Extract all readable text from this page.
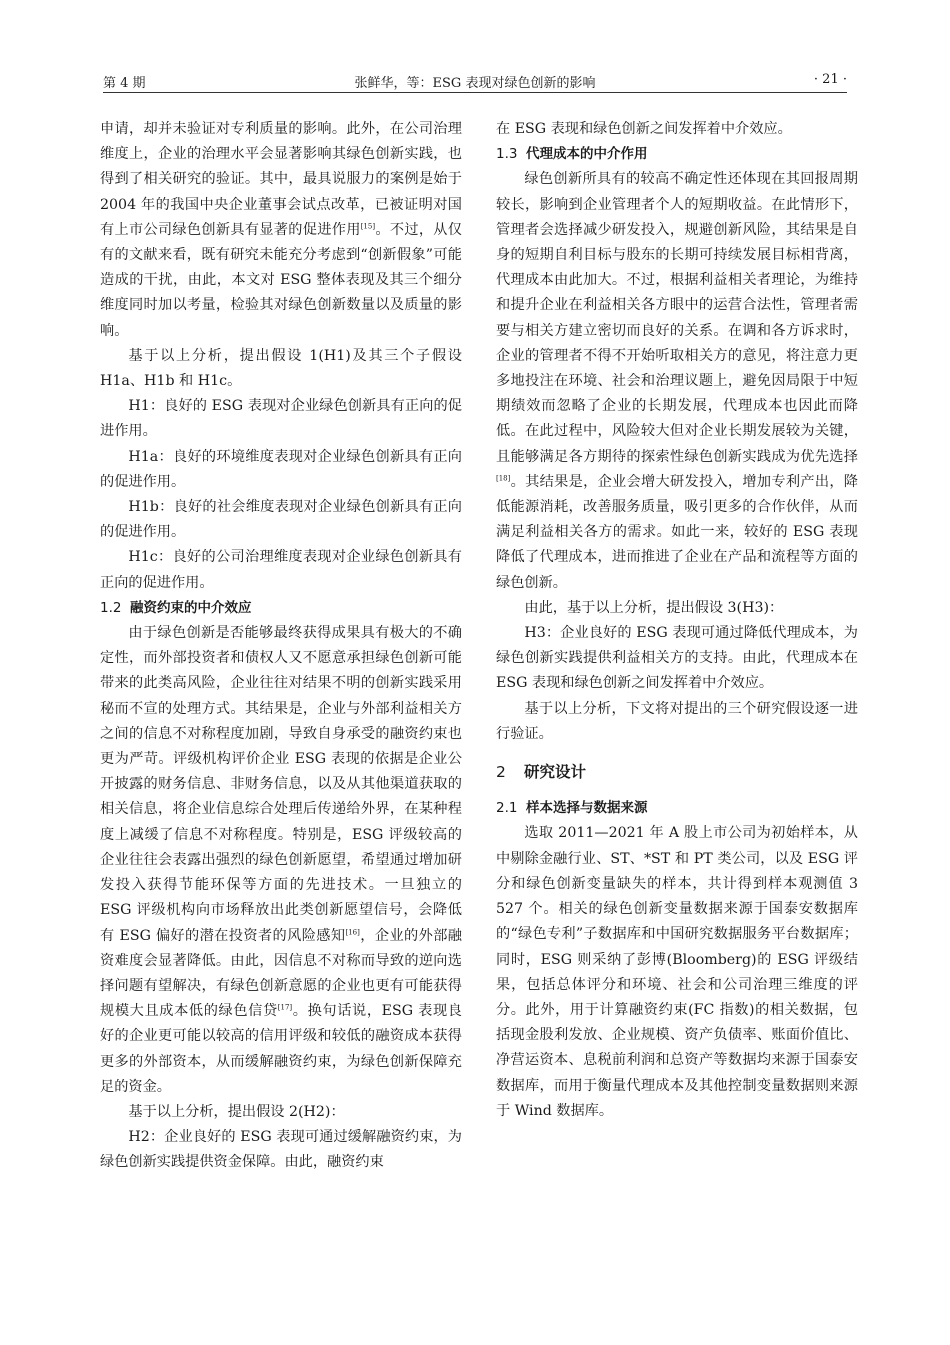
第 4 期	张鲜华，等：ESG 表现对绿色创新的影响	· 21 ·

申请，却并未验证对专利质量的影响。此外，在公司治理维度上，企业的治理水平会显著影响其绿色创新实践，也得到了相关研究的验证。其中，最具说服力的案例是始于 2004 年的我国中央企业董事会试点改革，已被证明对国有上市公司绿色创新具有显著的促进作用[15]。不过，从仅有的文献来看，既有研究未能充分考虑到“创新假象”可能造成的干扰，由此，本文对 ESG 整体表现及其三个细分维度同时加以考量，检验其对绿色创新数量以及质量的影响。

基于以上分析，提出假设 1(H1)及其三个子假设 H1a、H1b 和 H1c。

H1：良好的 ESG 表现对企业绿色创新具有正向的促进作用。

H1a：良好的环境维度表现对企业绿色创新具有正向的促进作用。

H1b：良好的社会维度表现对企业绿色创新具有正向的促进作用。

H1c：良好的公司治理维度表现对企业绿色创新具有正向的促进作用。

1.2 融资约束的中介效应

由于绿色创新是否能够最终获得成果具有极大的不确定性，而外部投资者和债权人又不愿意承担绿色创新可能带来的此类高风险，企业往往对结果不明的创新实践采用秘而不宣的处理方式。其结果是，企业与外部利益相关方之间的信息不对称程度加剧，导致自身承受的融资约束也更为严苛。评级机构评价企业 ESG 表现的依据是企业公开披露的财务信息、非财务信息，以及从其他渠道获取的相关信息，将企业信息综合处理后传递给外界，在某种程度上减缓了信息不对称程度。特别是，ESG 评级较高的企业往往会表露出强烈的绿色创新愿望，希望通过增加研发投入获得节能环保等方面的先进技术。一旦独立的 ESG 评级机构向市场释放出此类创新愿望信号，会降低有 ESG 偏好的潜在投资者的风险感知[16]，企业的外部融资难度会显著降低。由此，因信息不对称而导致的逆向选择问题有望解决，有绿色创新意愿的企业也更有可能获得规模大且成本低的绿色信贷[17]。换句话说，ESG 表现良好的企业更可能以较高的信用评级和较低的融资成本获得更多的外部资本，从而缓解融资约束，为绿色创新保障充足的资金。

基于以上分析，提出假设 2(H2)：

H2：企业良好的 ESG 表现可通过缓解融资约束，为绿色创新实践提供资金保障。由此，融资约束

在 ESG 表现和绿色创新之间发挥着中介效应。

1.3 代理成本的中介作用

绿色创新所具有的较高不确定性还体现在其回报周期较长，影响到企业管理者个人的短期收益。在此情形下，管理者会选择减少研发投入，规避创新风险，其结果是自身的短期自利目标与股东的长期可持续发展目标相背离，代理成本由此加大。不过，根据利益相关者理论，为维持和提升企业在利益相关各方眼中的运营合法性，管理者需要与相关方建立密切而良好的关系。在调和各方诉求时，企业的管理者不得不开始听取相关方的意见，将注意力更多地投注在环境、社会和治理议题上，避免因局限于中短期绩效而忽略了企业的长期发展，代理成本也因此而降低。在此过程中，风险较大但对企业长期发展较为关键，且能够满足各方期待的探索性绿色创新实践成为优先选择[18]。其结果是，企业会增大研发投入，增加专利产出，降低能源消耗，改善服务质量，吸引更多的合作伙伴，从而满足利益相关各方的需求。如此一来，较好的 ESG 表现降低了代理成本，进而推进了企业在产品和流程等方面的绿色创新。

由此，基于以上分析，提出假设 3(H3)：

H3：企业良好的 ESG 表现可通过降低代理成本，为绿色创新实践提供利益相关方的支持。由此，代理成本在 ESG 表现和绿色创新之间发挥着中介效应。

基于以上分析，下文将对提出的三个研究假设逐一进行验证。

2 研究设计
2.1 样本选择与数据来源

选取 2011—2021 年 A 股上市公司为初始样本，从中剔除金融行业、ST、*ST 和 PT 类公司，以及 ESG 评分和绿色创新变量缺失的样本，共计得到样本观测值 3 527 个。相关的绿色创新变量数据来源于国泰安数据库的“绿色专利”子数据库和中国研究数据服务平台数据库；同时，ESG 则采纳了彭博(Bloomberg)的 ESG 评级结果，包括总体评分和环境、社会和公司治理三维度的评分。此外，用于计算融资约束(FC 指数)的相关数据，包括现金股利发放、企业规模、资产负债率、账面价值比、净营运资本、息税前利润和总资产等数据均来源于国泰安数据库，而用于衡量代理成本及其他控制变量数据则来源于 Wind 数据库。
